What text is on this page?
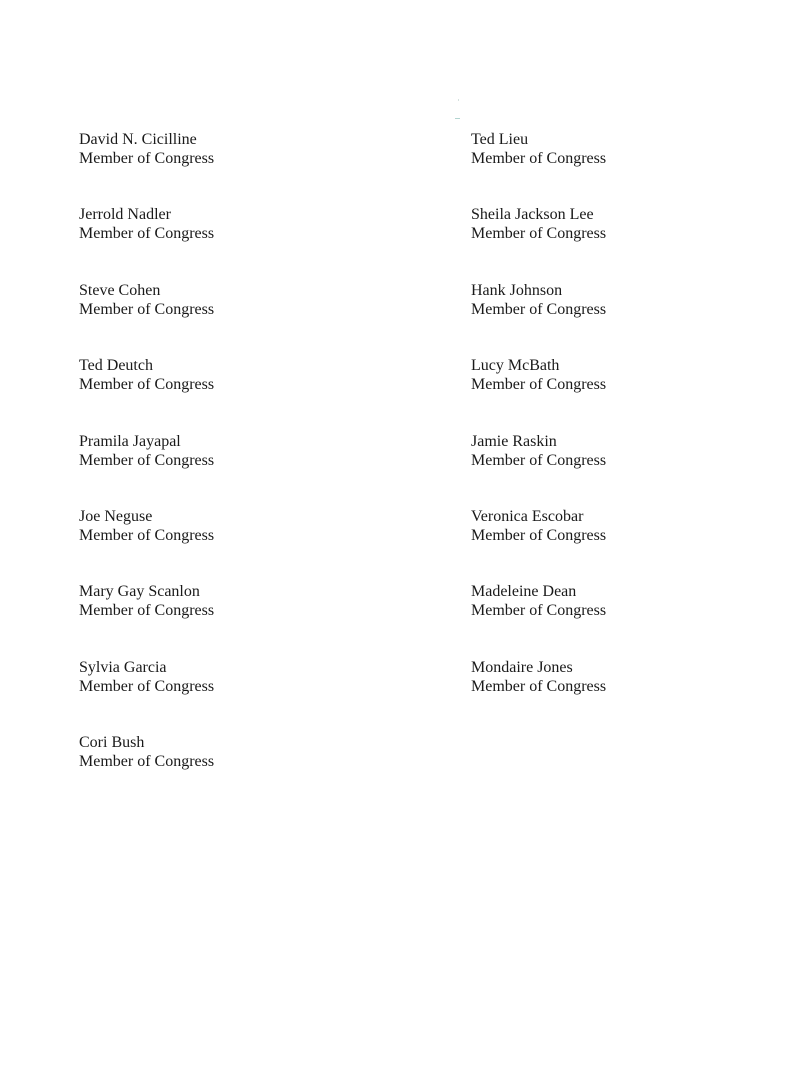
David N. Cicilline
Member of Congress
Jerrold Nadler
Member of Congress
Steve Cohen
Member of Congress
Ted Deutch
Member of Congress
Pramila Jayapal
Member of Congress
Joe Neguse
Member of Congress
Mary Gay Scanlon
Member of Congress
Sylvia Garcia
Member of Congress
Cori Bush
Member of Congress
Ted Lieu
Member of Congress
Sheila Jackson Lee
Member of Congress
Hank Johnson
Member of Congress
Lucy McBath
Member of Congress
Jamie Raskin
Member of Congress
Veronica Escobar
Member of Congress
Madeleine Dean
Member of Congress
Mondaire Jones
Member of Congress
